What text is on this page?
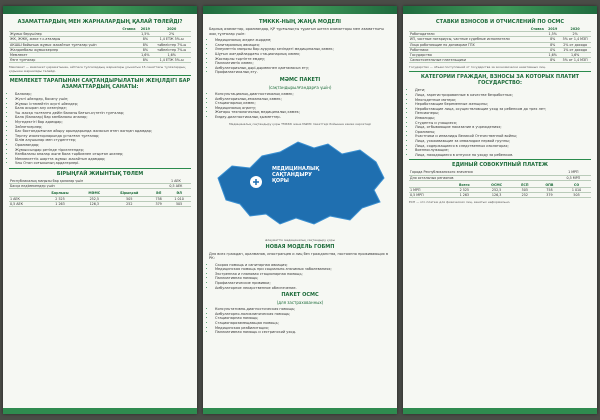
АЗАМАТТАРДЫҢ МЕН ЖАРНАЛАРДЫҢ ҚАЛАЙ ТӨЛЕЙДІ?
	Ставка	2019	2020
Жұмыс берушілер		1,5%	2%
ЖК, ЖЖҚ, жеке т.с.ағалары		8%	1,4 ЕТЖ 5%-ы
АКШШ бойынша жұмыс жасайтын тұлғалар үшін		8%	тәбелістер 7%-ы
Жалданбалы жұмыскерлер		8%	тәбелістер 7%-ы
Мемлекет		1,6%	1,6%
Өзге тұлғалар		8%	1,4 ЕТЖ 5%-ы

Мемлекет — мемлекет қаражатынан, әйтпесе тұлғалардың жарналары ұсынатын 15 санаттағы тұлғалардың қорынан жарналары төлейді.

МЕМЛЕКЕТ ТАРАПЫНАН САҚТАНДЫРЫЛАТЫН ЖЕҢІЛДІГІ БАР АЗАМАТТАРДЫҢ САНАТЫ:
• Балалар;
• Жүкті әйелдер, босану үшін;
• Жұмыс істемейтін жүкті әйелдер;
• Бала асырап алу кезеңінде;
• Үш жасқа толғанға дейін баланы бағып-күтетін тұлғалар;
• Бала (балалар) бар көпбалалы аналар;
• Мүгедектігі бар адамдар;
• Зейнеткерлер;
• Бас бостандығынан айыру орындарында жазасын өтеп жатқан адамдар;
• Тергеу изоляторларында ұсталған тұлғалар;
• Білім алушылар мен студенттер;
• Оралмандар;
• Жұмыссыздар ретінде тіркелгендер;
• Көпбалалы аналар және бала тәрбиелеп отырған әкелер;
• Мемлекеттік шартта жұмыс жасайтын адамдар;
• Ұлы Отан соғысының ардагерлері.
БІРЫҢҒАЙ ЖИЫНТЫҚ ТӨЛЕМ
Республикалық маңызы бар қалалар үшін	1 АЕК
Басқа елдімекендер үшін	0,5 АЕК
	Барлығы	МӘМС	Бірыңғай	ӘЛ	ӘЛ
1 АЕК	2 525	252,5	505	758	1 010
0,5 АЕК	1 263	126,3	252	379	505
ТМККК-НЫҢ ЖАҢА МОДЕЛІ

Барлық азаматтар, оралмандар, ҚР тұрғылықты тұратын шетел азаматтары мен азаматтығы жоқ тұлғалар үшін:

• Медициналық жедел жәрдем;
• Санитариялық авиация;
• Әлеуметтік маңызы бар аурулар кезіндегі медициналық көмек;
• Шұғыл жағдайлардағы стационарлық көмек;
• Жоспарлы тәртіпте емдеу;
• Паллиативтік көмек;
• Амбулаториялық дәрі-дәрмекпен қамтамасыз ету;
• Профилактикалық егу.
МӘМС ПАКЕТІ
(сақтандырылғандарға үшін)
• Консультациялық-диагностикалық көмек;
• Амбулаториялық-емханалық көмек;
• Стационарлық көмек;
• Медициналық оңалту;
• Жоғары технологиялық медициналық көмек;
• Емдеу-диагностикалық қызметтер.
Медициналық сақтандыру қоры ТМККК және МӘМС пакеттері бойынша көмек көрсетеді
МЕДИЦИНАЛЫҚ САҚТАНДЫРУ ҚОРЫ
Әлеуметтік медициналық сақтандыру қоры
НОВАЯ МОДЕЛЬ ГОБМП

Для всех граждан, оралманов, иностранцев и лиц без гражданства, постоянно проживающих в РК:

• Скорая помощь и санитарная авиация;
• Медицинская помощь при социально-значимых заболеваниях;
• Экстренная и плановая стационарная помощь;
• Паллиативная помощь;
• Профилактические прививки;
• Амбулаторное лекарственное обеспечение.
ПАКЕТ ОСМС
(для застрахованных)
• Консультативно-диагностическая помощь;
• Амбулаторно-поликлиническая помощь;
• Стационарная помощь;
• Стационарозамещающая помощь;
• Медицинская реабилитация;
• Паллиативная помощь и сестринский уход.
СТАВКИ ВЗНОСОВ И ОТЧИСЛЕНИЙ ПО ОСМС
	Ставка	2019	2020
Работодатели		1,5%	2%
ИП, частные нотариусы, частные судебные исполнители		8%	5% от 1,4 МЗП
Лица работающие по договорам ГПХ		8%	2% от дохода
Работники		0%	1% от дохода
Государство		1,6%	1,6%
Самостоятельные плательщики		8%	5% от 1,4 МЗП

Государство — объем поступлений от государства за экономически неактивных лиц.

КАТЕГОРИИ ГРАЖДАН, ВЗНОСЫ ЗА КОТОРЫХ ПЛАТИТ ГОСУДАРСТВО:
• Дети;
• Лица, зарегистрированные в качестве безработных;
• Многодетные матери;
• Неработающие беременные женщины;
• Неработающие лица, осуществляющие уход за ребенком до трех лет;
• Пенсионеры;
• Инвалиды;
• Студенты и учащиеся;
• Лица, отбывающие наказание в учреждениях;
• Оралманы;
• Участники и инвалиды Великой Отечественной войны;
• Лица, ухаживающие за инвалидом первой группы;
• Лица, содержащиеся в следственных изоляторах;
• Военнослужащие;
• Лица, находящиеся в отпуске по уходу за ребенком.
ЕДИНЫЙ СОВОКУПНЫЙ ПЛАТЕЖ
Города Республиканского значения	1 МРП
Для остальных регионов	0,5 МРП
	Всего	ОСМС	ЕСП	ОПВ	СО
1 МРП	2 525	252,5	505	758	1 010
0,5 МРП	1 263	126,3	252	379	505

ЕСП — это платеж для физических лиц, занятых неформально.
